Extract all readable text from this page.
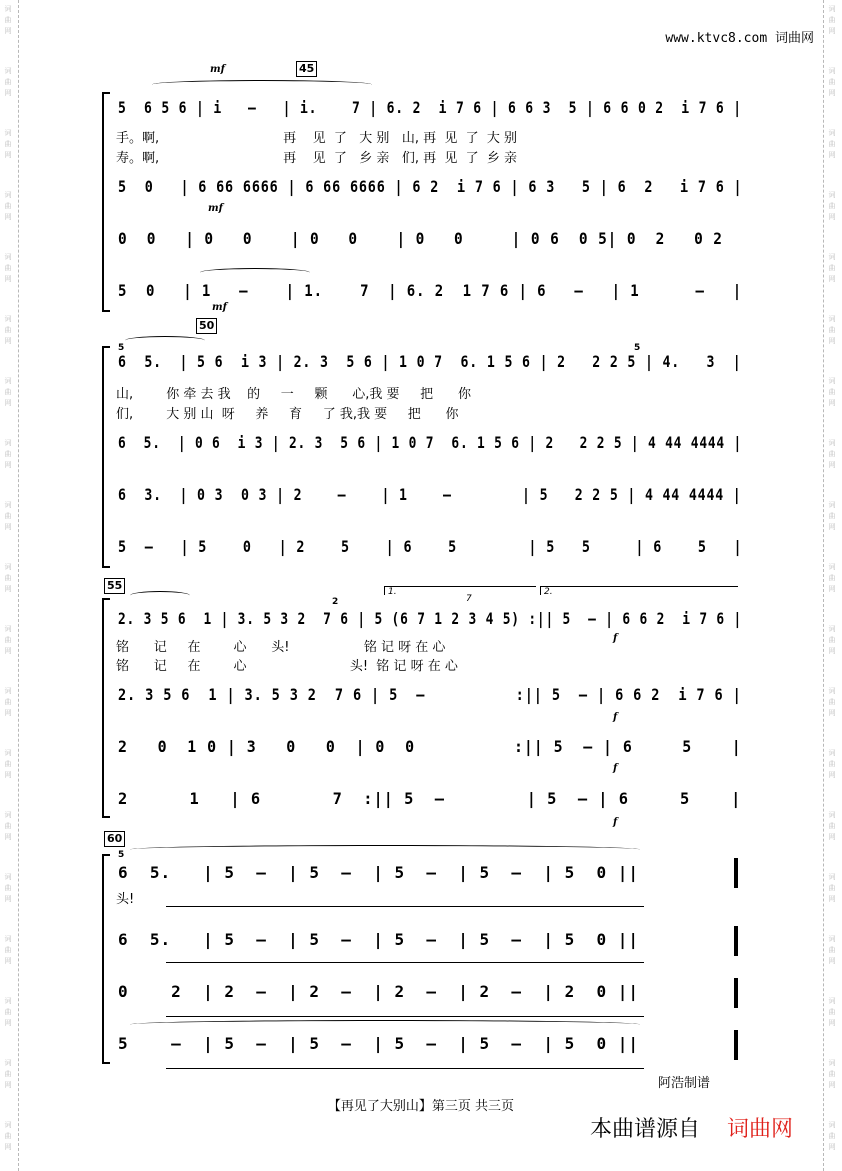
词
曲
网
词
曲
网
词
曲
网
词
曲
网
词
曲
网
词
曲
网
词
曲
网
词
曲
网
词
曲
网
词
曲
网
词
曲
网
词
曲
网
词
曲
网
词
曲
网
词
曲
网
词
曲
网
词
曲
网
词
曲
网
词
曲
网
词
曲
网
词
曲
网
词
曲
网
词
曲
网
词
曲
网
词
曲
网
词
曲
网
词
曲
网
词
曲
网
词
曲
网
词
曲
网
词
曲
网
词
曲
网
词
曲
网
词
曲
网
词
曲
网
词
曲
网
词
曲
网
词
曲
网
www.ktvc8.com 词曲网
45
50
55
60
mf
mf
mf
f
f
f
f
1.	2.
7
5	5
2
5
5  6 5 6 | i   –   | i.    7 | 6. 2  i 7 6 | 6 6 3  5 | 6 6 0 2  i 7 6 |
手。啊,                              再    见  了   大 别   山, 再  见  了  大 别
寿。啊,                              再    见  了   乡 亲   们, 再  见  了  乡 亲
5  0   | 6 66 6666 | 6 66 6666 | 6 2  i 7 6 | 6 3   5 | 6  2   i 7 6 |
0  0   | 0   0    | 0   0    | 0   0     | 0 6  0 5| 0  2   0 2
5  0   | 1   –    | 1.    7  | 6. 2  1 7 6 | 6   –   | 1      –   |
6  5.  | 5 6  i 3 | 2. 3  5 6 | 1 0 7  6. 1 5 6 | 2   2 2 5 | 4.   3  |
山,        你 牵 去 我    的     一     颗      心,我 要     把      你
们,        大 别 山  呀     养     育     了 我,我 要     把      你
6  5.  | 0 6  i 3 | 2. 3  5 6 | 1 0 7  6. 1 5 6 | 2   2 2 5 | 4 44 4444 |
6  3.  | 0 3  0 3 | 2    –    | 1    –        | 5   2 2 5 | 4 44 4444 |
5  –   | 5    0   | 2    5    | 6    5        | 5   5     | 6    5   |
2. 3 5 6  1 | 3. 5 3 2  7 6 | 5 (6 7 1 2 3 4 5) :|| 5  – | 6 6 2  i 7 6 |
铭      记     在        心      头!                  铭 记 呀 在 心
铭      记     在        心                         头!  铭 记 呀 在 心
2. 3 5 6  1 | 3. 5 3 2  7 6 | 5  –          :|| 5  – | 6 6 2  i 7 6 |
2   0  1 0 | 3   0   0  | 0  0          :|| 5  – | 6     5    |
2      1   | 6       7  :|| 5  –        | 5  – | 6     5    |
6  5.   | 5  –  | 5  –  | 5  –  | 5  –  | 5  0 ||
头!
6  5.   | 5  –  | 5  –  | 5  –  | 5  –  | 5  0 ||
0    2  | 2  –  | 2  –  | 2  –  | 2  –  | 2  0 ||
5    –  | 5  –  | 5  –  | 5  –  | 5  –  | 5  0 ||
阿浩制谱
【再见了大别山】第三页 共三页
本曲谱源自 词曲网
